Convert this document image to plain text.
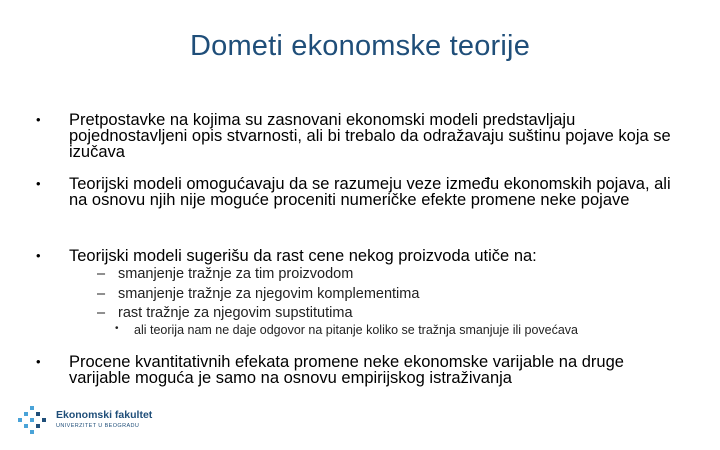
Dometi ekonomske teorije
•	Pretpostavke na kojima su zasnovani ekonomski modeli predstavljaju pojednostavljeni opis stvarnosti, ali bi trebalo da odražavaju suštinu pojave koja se izučava
•	Teorijski modeli omogućavaju da se razumeju veze između ekonomskih pojava, ali na osnovu njih nije moguće proceniti numeričke efekte promene neke pojave
•	Teorijski modeli sugerišu da rast cene nekog proizvoda utiče na:
– smanjenje tražnje za tim proizvodom
– smanjenje tražnje za njegovim komplementima
– rast tražnje za njegovim supstitutima
• ali teorija nam ne daje odgovor na pitanje koliko se tražnja smanjuje ili povećava
•	Procene kvantitativnih efekata promene neke ekonomske varijable na druge varijable moguća je samo na osnovu empirijskog istraživanja
Ekonomski fakultet
UNIVERZITET U BEOGRADU
